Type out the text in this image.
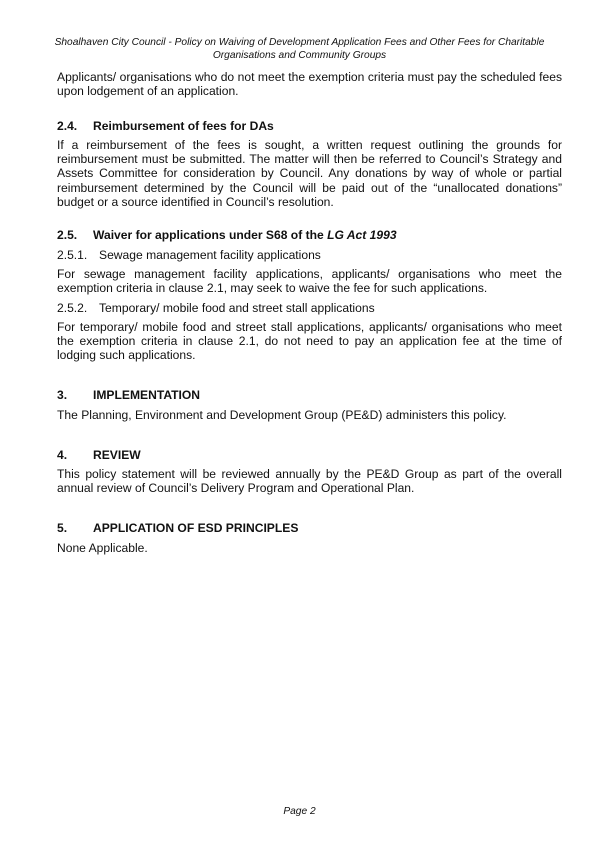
Shoalhaven City Council - Policy on Waiving of Development Application Fees and Other Fees for Charitable
Organisations and Community Groups
Applicants/ organisations who do not meet the exemption criteria must pay the scheduled fees upon lodgement of an application.
2.4. Reimbursement of fees for DAs
If a reimbursement of the fees is sought, a written request outlining the grounds for reimbursement must be submitted. The matter will then be referred to Council’s Strategy and Assets Committee for consideration by Council. Any donations by way of whole or partial reimbursement determined by the Council will be paid out of the “unallocated donations” budget or a source identified in Council’s resolution.
2.5. Waiver for applications under S68 of the LG Act 1993
2.5.1. Sewage management facility applications
For sewage management facility applications, applicants/ organisations who meet the exemption criteria in clause 2.1, may seek to waive the fee for such applications.
2.5.2. Temporary/ mobile food and street stall applications
For temporary/ mobile food and street stall applications, applicants/ organisations who meet the exemption criteria in clause 2.1, do not need to pay an application fee at the time of lodging such applications.
3. IMPLEMENTATION
The Planning, Environment and Development Group (PE&D) administers this policy.
4. REVIEW
This policy statement will be reviewed annually by the PE&D Group as part of the overall annual review of Council’s Delivery Program and Operational Plan.
5. APPLICATION OF ESD PRINCIPLES
None Applicable.
Page 2
